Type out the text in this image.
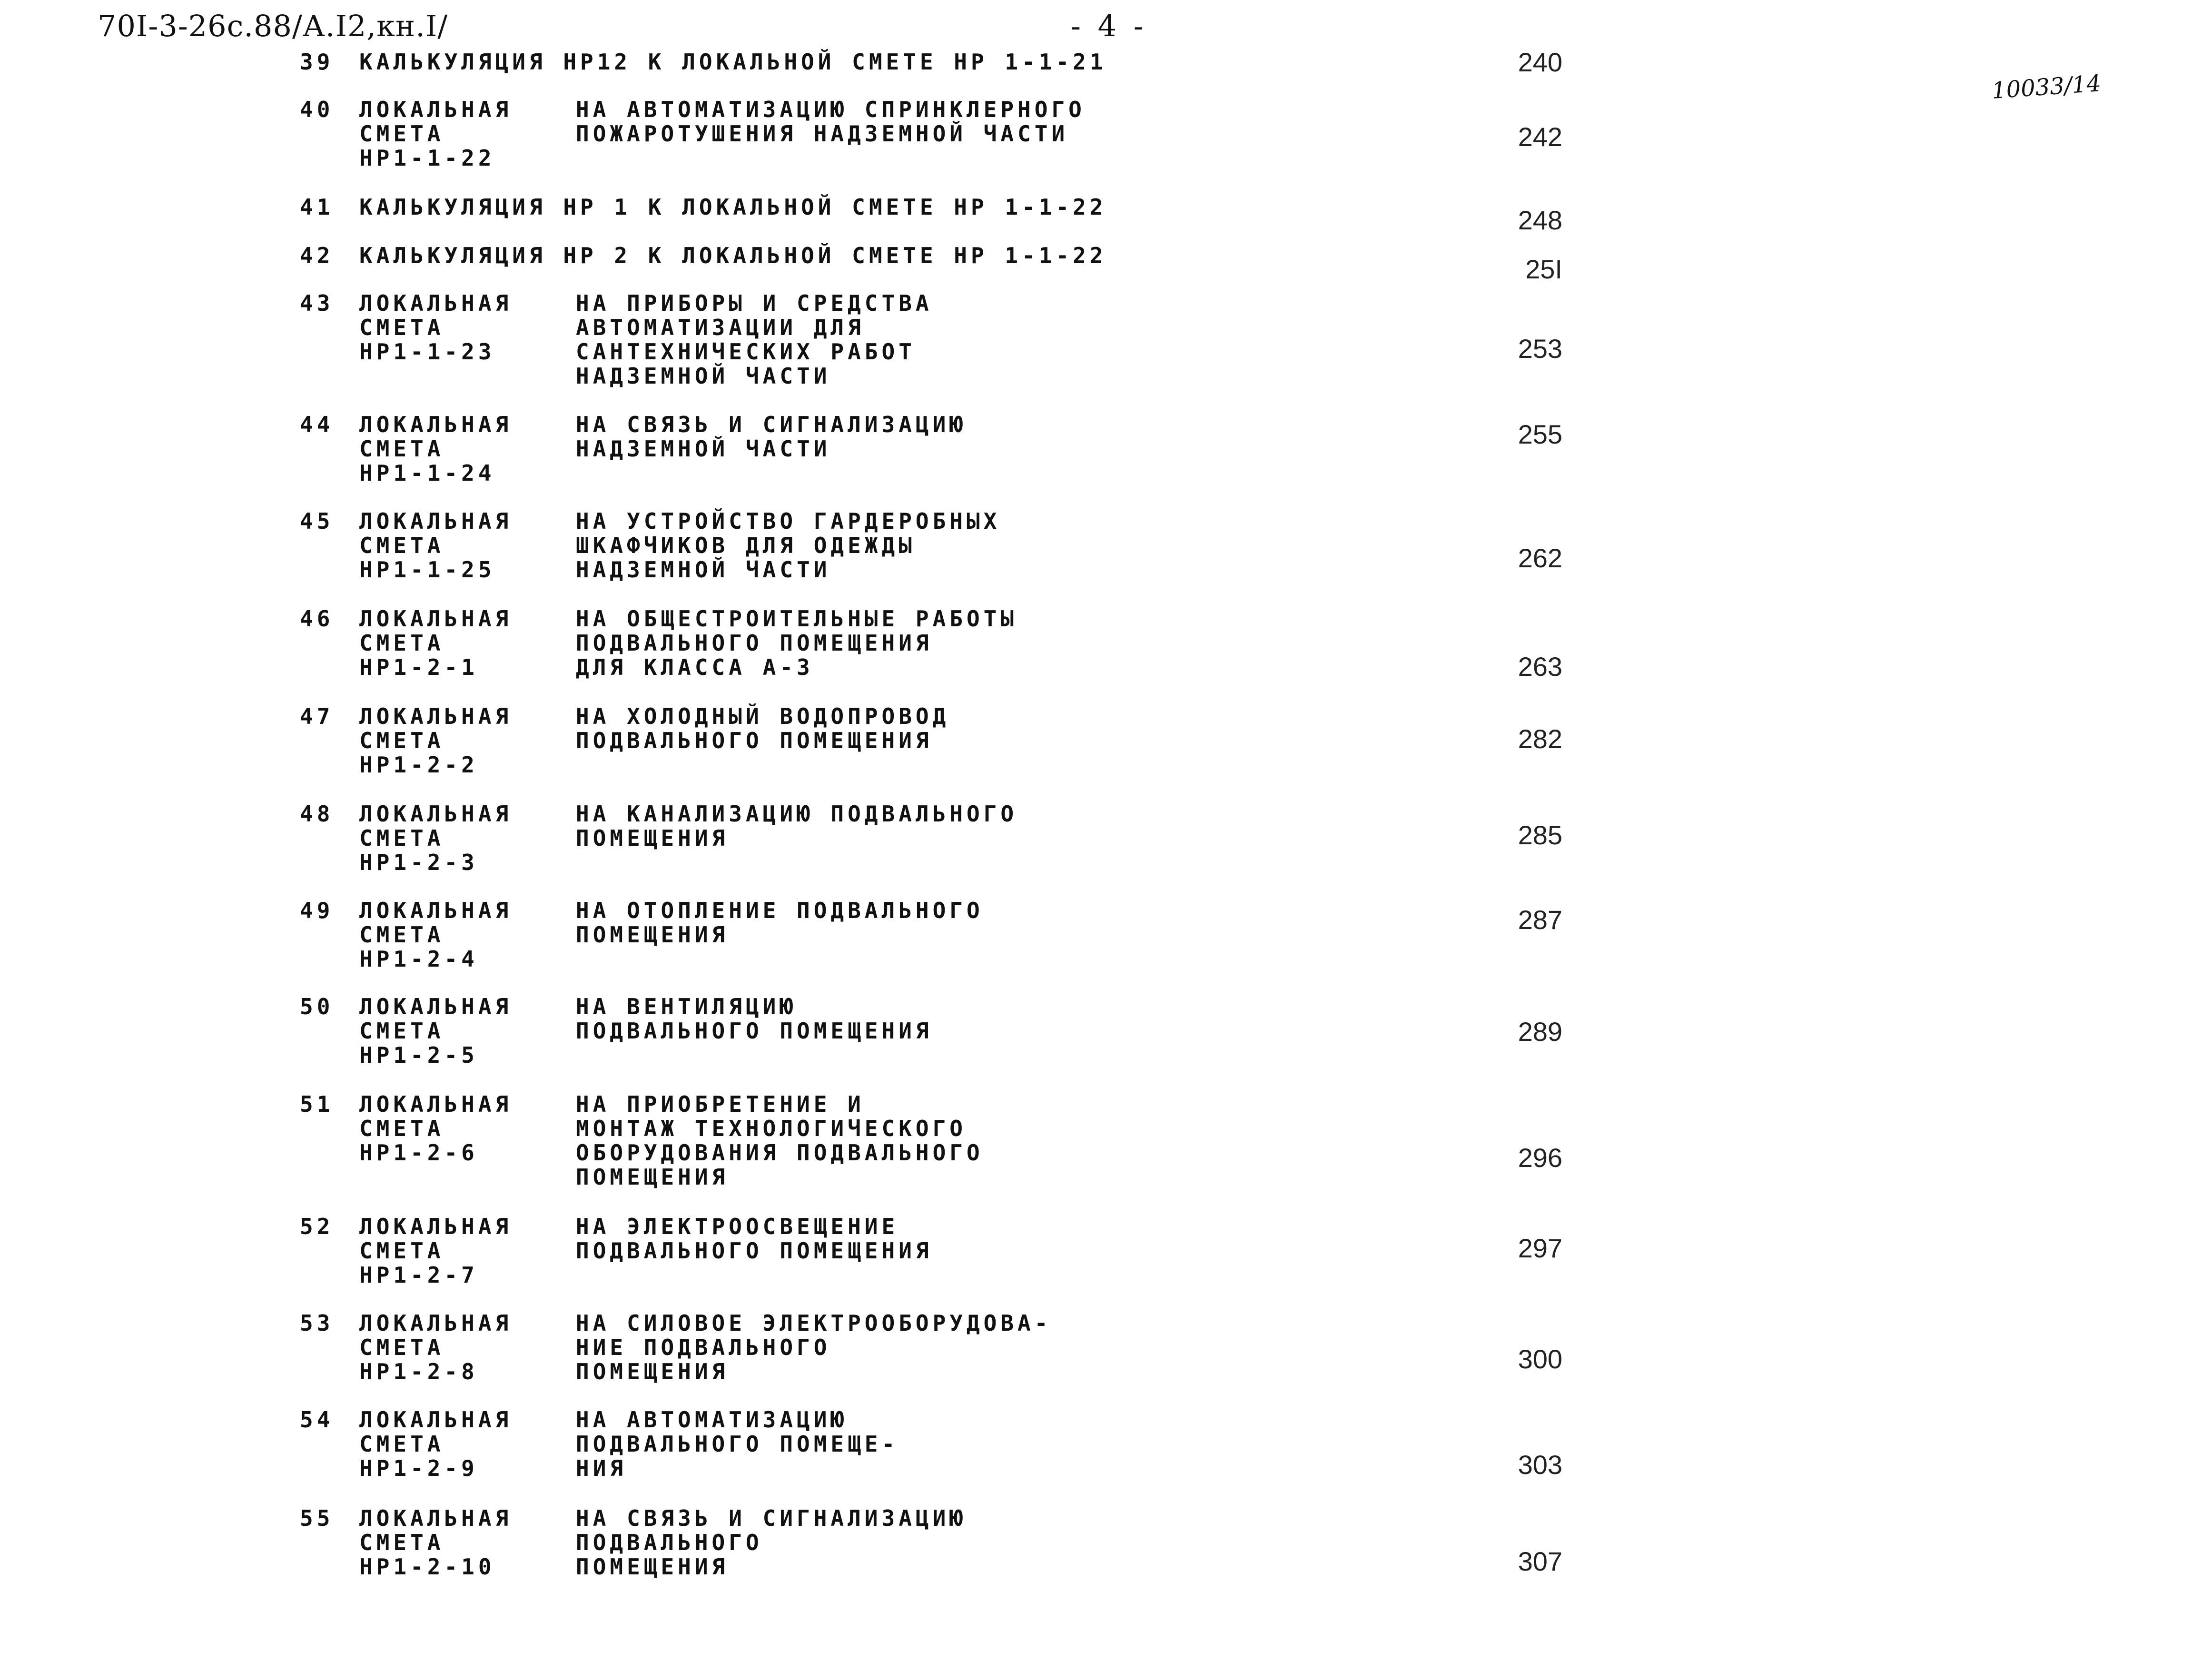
70I-3-26с.88/А.I2,кн.I/	- 4 -
10033/14
39 КАЛЬКУЛЯЦИЯ НР12 К ЛОКАЛЬНОЙ СМЕТЕ НР 1-1-21	240
40 ЛОКАЛЬНАЯ
СМЕТА
НР1-1-22
НА АВТОМАТИЗАЦИЮ СПРИНКЛЕРНОГО
ПОЖАРОТУШЕНИЯ НАДЗЕМНОЙ ЧАСТИ	242
41 КАЛЬКУЛЯЦИЯ НР 1 К ЛОКАЛЬНОЙ СМЕТЕ НР 1-1-22	248
42 КАЛЬКУЛЯЦИЯ НР 2 К ЛОКАЛЬНОЙ СМЕТЕ НР 1-1-22	25I
43 ЛОКАЛЬНАЯ
СМЕТА
НР1-1-23
НА ПРИБОРЫ И СРЕДСТВА
АВТОМАТИЗАЦИИ ДЛЯ
САНТЕХНИЧЕСКИХ РАБОТ
НАДЗЕМНОЙ ЧАСТИ
253
44 ЛОКАЛЬНАЯ
СМЕТА
НР1-1-24
НА СВЯЗЬ И СИГНАЛИЗАЦИЮ
НАДЗЕМНОЙ ЧАСТИ	255
45 ЛОКАЛЬНАЯ
СМЕТА
НР1-1-25
НА УСТРОЙСТВО ГАРДЕРОБНЫХ
ШКАФЧИКОВ ДЛЯ ОДЕЖДЫ
НАДЗЕМНОЙ ЧАСТИ	262
46 ЛОКАЛЬНАЯ
СМЕТА
НР1-2-1
НА ОБЩЕСТРОИТЕЛЬНЫЕ РАБОТЫ
ПОДВАЛЬНОГО ПОМЕЩЕНИЯ
ДЛЯ КЛАССА А-3	263
47 ЛОКАЛЬНАЯ
СМЕТА
НР1-2-2
НА ХОЛОДНЫЙ ВОДОПРОВОД
ПОДВАЛЬНОГО ПОМЕЩЕНИЯ	282
48 ЛОКАЛЬНАЯ
СМЕТА
НР1-2-3
НА КАНАЛИЗАЦИЮ ПОДВАЛЬНОГО
ПОМЕЩЕНИЯ	285
49 ЛОКАЛЬНАЯ
СМЕТА
НР1-2-4
НА ОТОПЛЕНИЕ ПОДВАЛЬНОГО
ПОМЕЩЕНИЯ	287
50 ЛОКАЛЬНАЯ
СМЕТА
НР1-2-5
НА ВЕНТИЛЯЦИЮ
ПОДВАЛЬНОГО ПОМЕЩЕНИЯ	289
51 ЛОКАЛЬНАЯ
СМЕТА
НР1-2-6
НА ПРИОБРЕТЕНИЕ И
МОНТАЖ ТЕХНОЛОГИЧЕСКОГО
ОБОРУДОВАНИЯ ПОДВАЛЬНОГО
ПОМЕЩЕНИЯ
296
52 ЛОКАЛЬНАЯ
СМЕТА
НР1-2-7
НА ЭЛЕКТРООСВЕЩЕНИЕ
ПОДВАЛЬНОГО ПОМЕЩЕНИЯ	297
53 ЛОКАЛЬНАЯ
СМЕТА
НР1-2-8
НА СИЛОВОЕ ЭЛЕКТРООБОРУДОВА-
НИЕ ПОДВАЛЬНОГО
ПОМЕЩЕНИЯ	300
54 ЛОКАЛЬНАЯ
СМЕТА
НР1-2-9
НА АВТОМАТИЗАЦИЮ
ПОДВАЛЬНОГО ПОМЕЩЕ-
НИЯ	303
55 ЛОКАЛЬНАЯ
СМЕТА
НР1-2-10
НА СВЯЗЬ И СИГНАЛИЗАЦИЮ
ПОДВАЛЬНОГО
ПОМЕЩЕНИЯ	307
